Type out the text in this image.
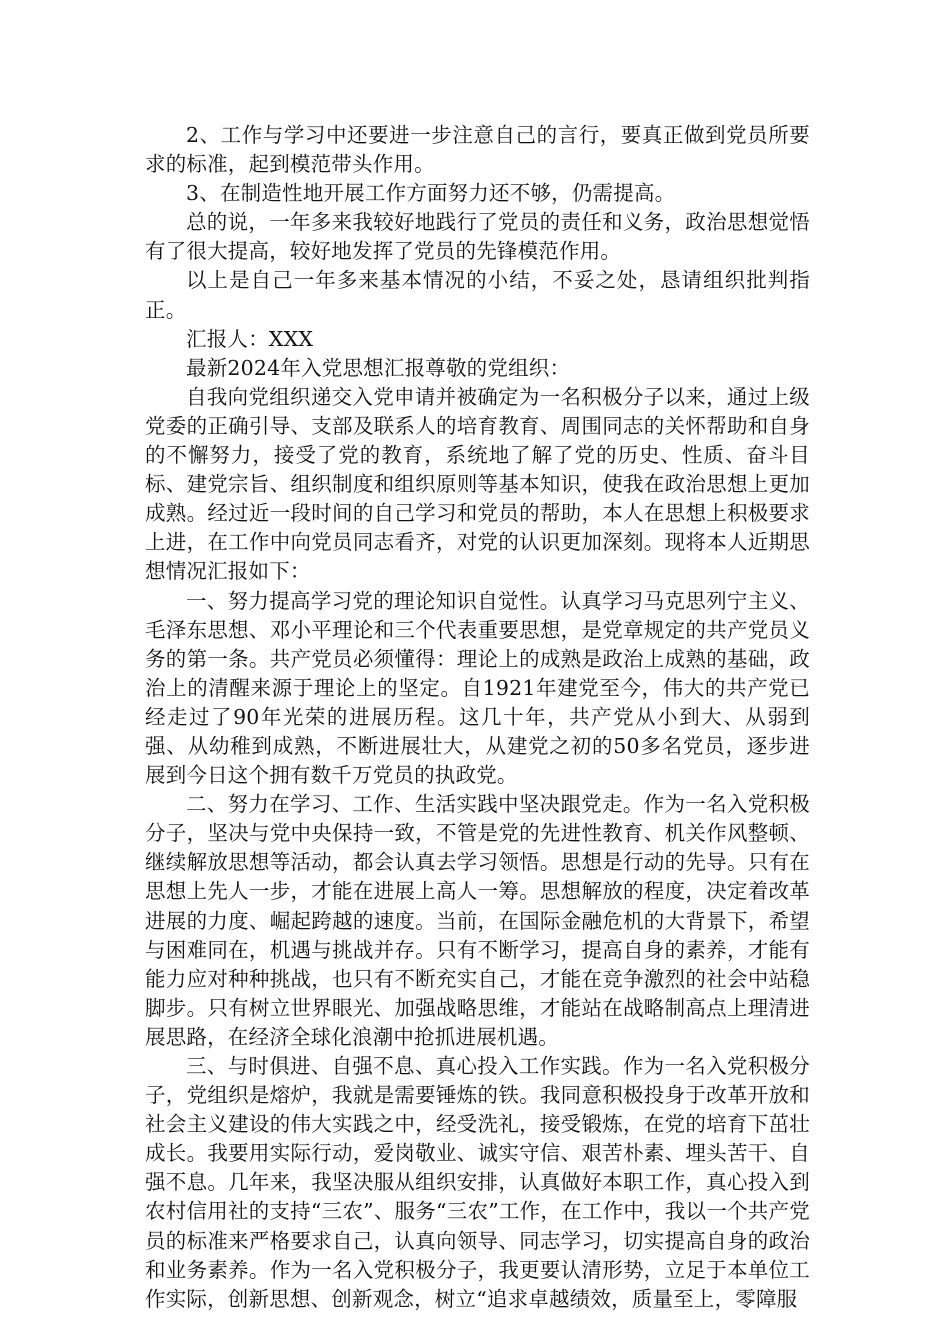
2、工作与学习中还要进一步注意自己的言行，要真正做到党员所要求的标准，起到模范带头作用。

3、在制造性地开展工作方面努力还不够，仍需提高。

总的说，一年多来我较好地践行了党员的责任和义务，政治思想觉悟有了很大提高，较好地发挥了党员的先锋模范作用。

以上是自己一年多来基本情况的小结，不妥之处，恳请组织批判指正。

汇报人：XXX

最新2024年入党思想汇报尊敬的党组织：

自我向党组织递交入党申请并被确定为一名积极分子以来，通过上级党委的正确引导、支部及联系人的培育教育、周围同志的关怀帮助和自身的不懈努力，接受了党的教育，系统地了解了党的历史、性质、奋斗目标、建党宗旨、组织制度和组织原则等基本知识，使我在政治思想上更加成熟。经过近一段时间的自己学习和党员的帮助，本人在思想上积极要求上进，在工作中向党员同志看齐，对党的认识更加深刻。现将本人近期思想情况汇报如下：

一、努力提高学习党的理论知识自觉性。认真学习马克思列宁主义、毛泽东思想、邓小平理论和三个代表重要思想，是党章规定的共产党员义务的第一条。共产党员必须懂得：理论上的成熟是政治上成熟的基础，政治上的清醒来源于理论上的坚定。自1921年建党至今，伟大的共产党已经走过了90年光荣的进展历程。这几十年，共产党从小到大、从弱到强、从幼稚到成熟，不断进展壮大，从建党之初的50多名党员，逐步进展到今日这个拥有数千万党员的执政党。

二、努力在学习、工作、生活实践中坚决跟党走。作为一名入党积极分子，坚决与党中央保持一致，不管是党的先进性教育、机关作风整顿、继续解放思想等活动，都会认真去学习领悟。思想是行动的先导。只有在思想上先人一步，才能在进展上高人一筹。思想解放的程度，决定着改革进展的力度、崛起跨越的速度。当前，在国际金融危机的大背景下，希望与困难同在，机遇与挑战并存。只有不断学习，提高自身的素养，才能有能力应对种种挑战，也只有不断充实自己，才能在竞争激烈的社会中站稳脚步。只有树立世界眼光、加强战略思维，才能站在战略制高点上理清进展思路，在经济全球化浪潮中抢抓进展机遇。

三、与时俱进、自强不息、真心投入工作实践。作为一名入党积极分子，党组织是熔炉，我就是需要锤炼的铁。我同意积极投身于改革开放和社会主义建设的伟大实践之中，经受洗礼，接受锻炼，在党的培育下茁壮成长。我要用实际行动，爱岗敬业、诚实守信、艰苦朴素、埋头苦干、自强不息。几年来，我坚决服从组织安排，认真做好本职工作，真心投入到农村信用社的支持“三农”、服务“三农”工作，在工作中，我以一个共产党员的标准来严格要求自己，认真向领导、同志学习，切实提高自身的政治和业务素养。作为一名入党积极分子，我更要认清形势，立足于本单位工作实际，创新思想、创新观念，树立“追求卓越绩效，质量至上，零障服
